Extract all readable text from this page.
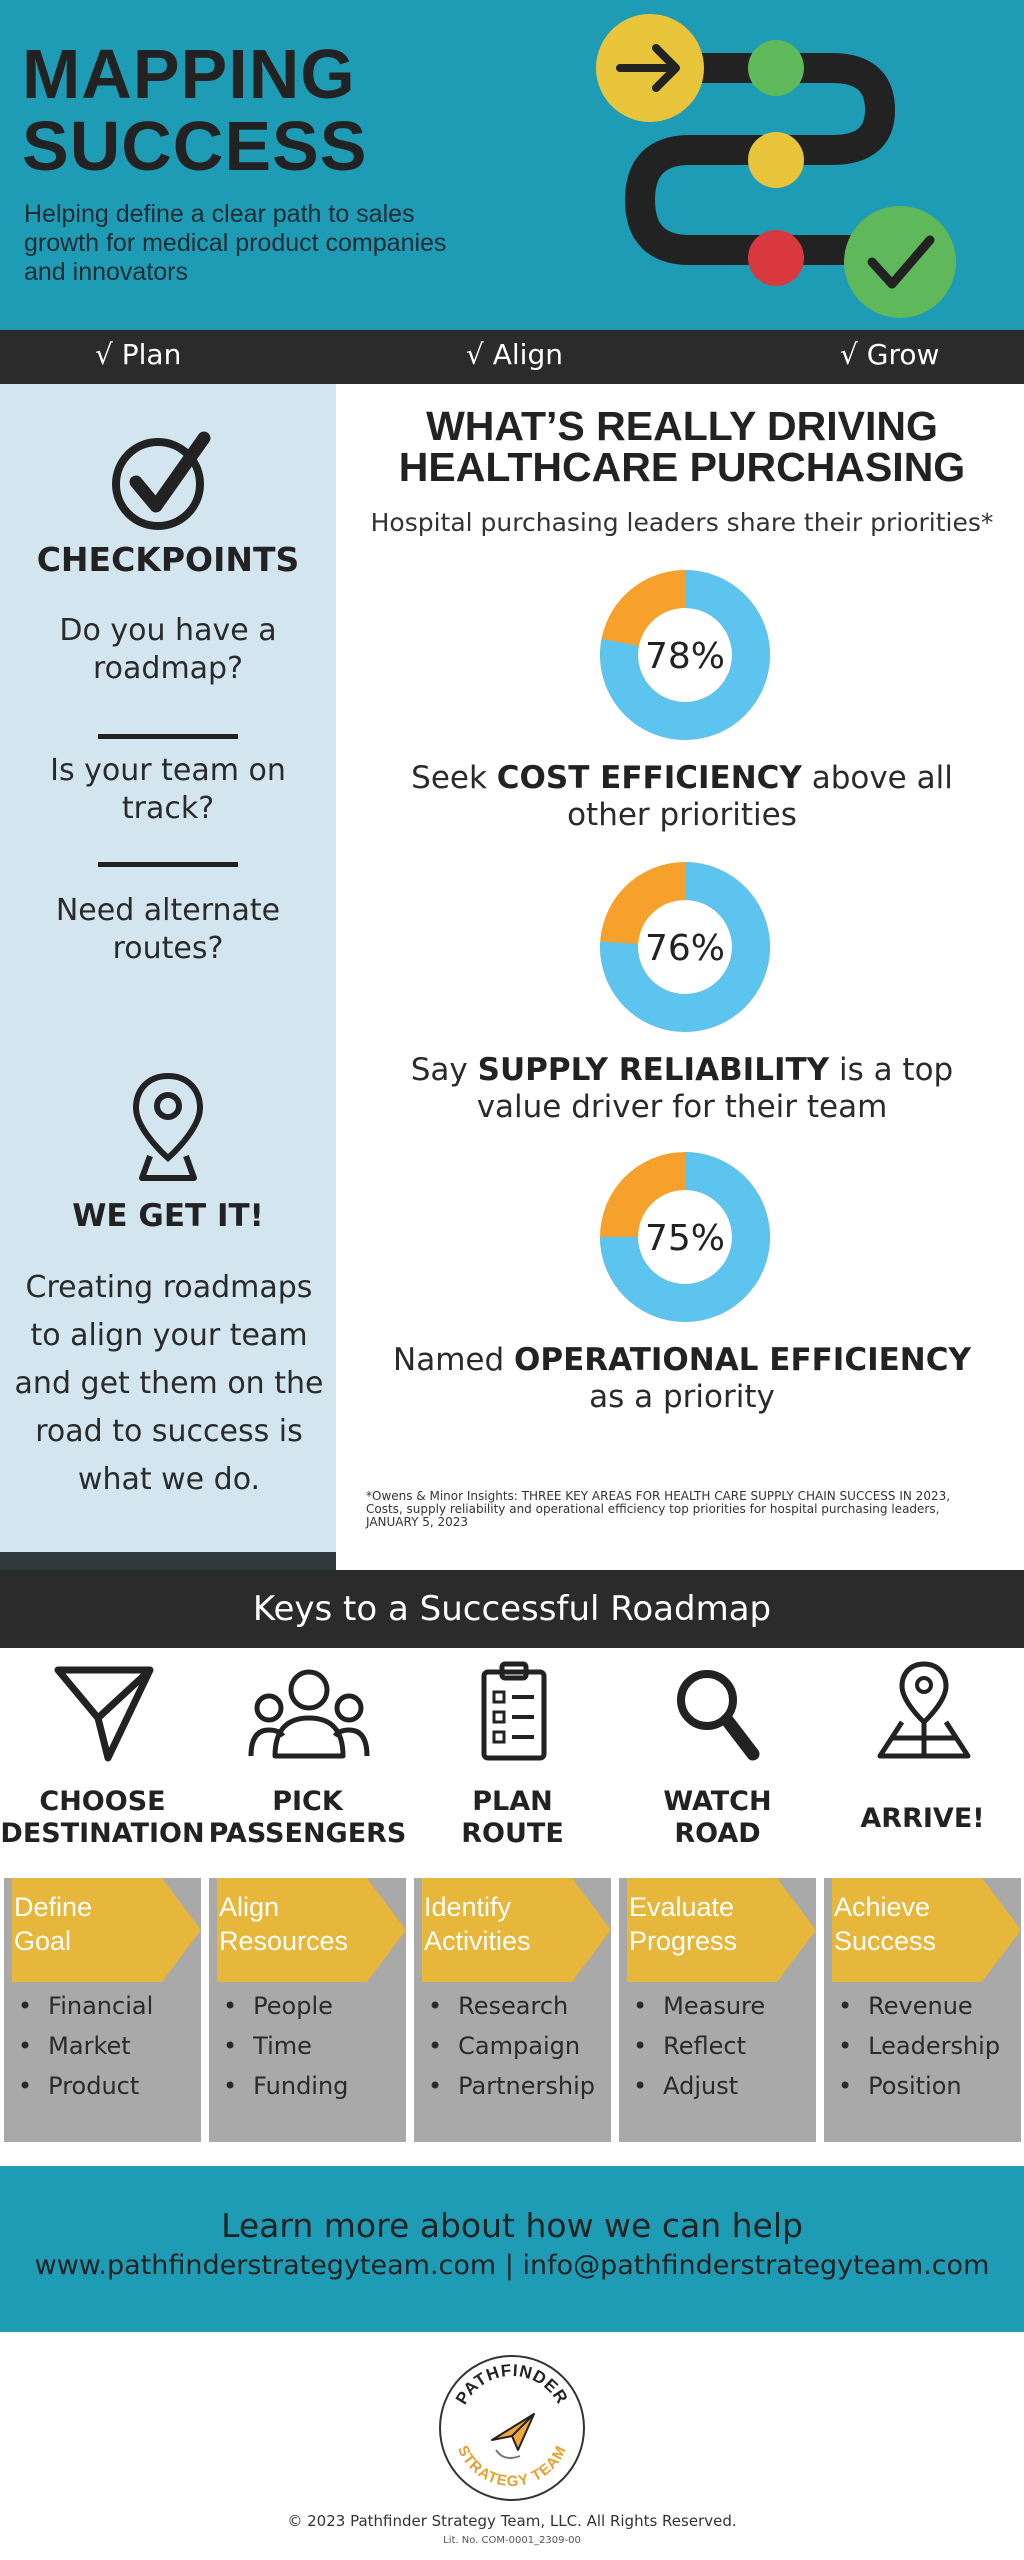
MAPPING
SUCCESS
Helping define a clear path to sales growth for medical product companies and innovators
√ Plan	√ Align	√ Grow
CHECKPOINTS
Do you have a roadmap?
Is your team on track?
Need alternate routes?
WE GET IT!
Creating roadmaps to align your team and get them on the road to success is what we do.
WHAT’S REALLY DRIVING
HEALTHCARE PURCHASING
Hospital purchasing leaders share their priorities*
78%
Seek COST EFFICIENCY above all
other priorities
76%
Say SUPPLY RELIABILITY is a top
value driver for their team
75%
Named OPERATIONAL EFFICIENCY
as a priority
*Owens & Minor Insights: THREE KEY AREAS FOR HEALTH CARE SUPPLY CHAIN SUCCESS IN 2023, Costs, supply reliability and operational efficiency top priorities for hospital purchasing leaders, JANUARY 5, 2023
Keys to a Successful Roadmap
CHOOSE
DESTINATION
PICK
PASSENGERS
PLAN
ROUTE
WATCH
ROAD	ARRIVE!
Define
Goal
• Financial
• Market
• Product
Align
Resources
• People
• Time
• Funding
Identify
Activities
• Research
• Campaign
• Partnership
Evaluate
Progress
• Measure
• Reflect
• Adjust
Achieve
Success
• Revenue
• Leadership
• Position
Learn more about how we can help
www.pathfinderstrategyteam.com | info@pathfinderstrategyteam.com
PATHFINDER
STRATEGY TEAM
© 2023 Pathfinder Strategy Team, LLC. All Rights Reserved.
Lit. No. COM-0001_2309-00
